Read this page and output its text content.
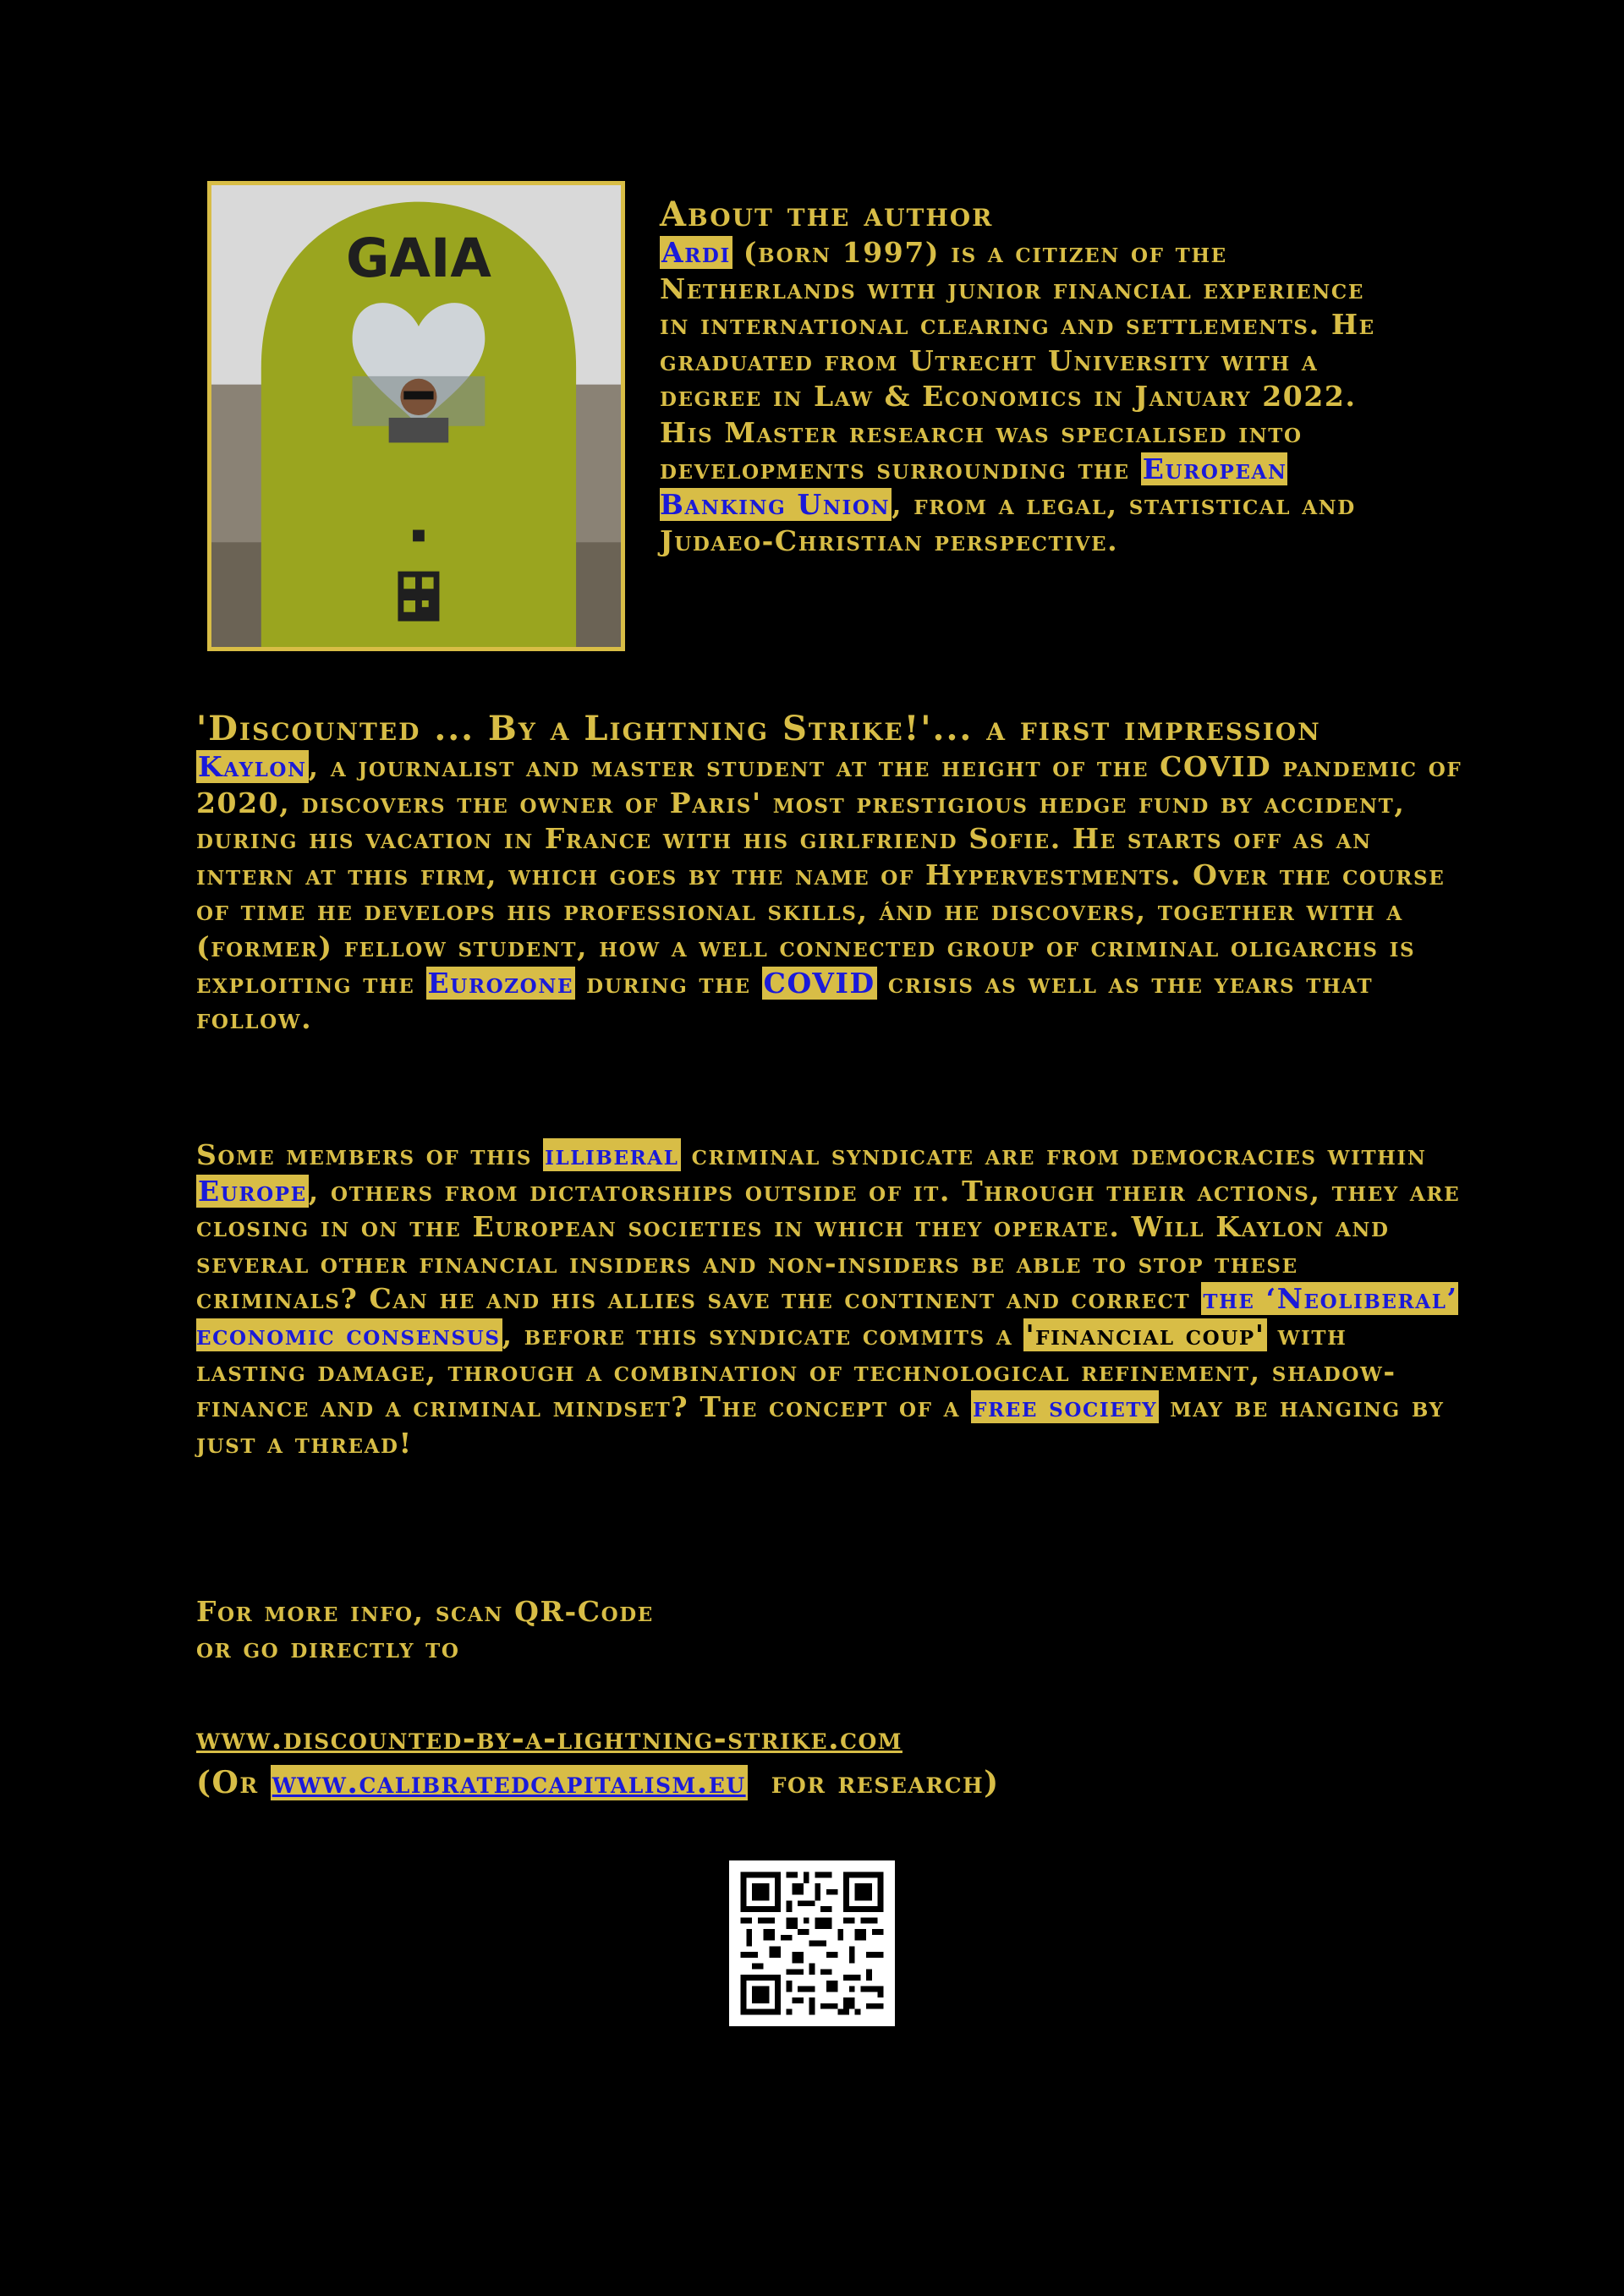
GAIA
About the author

Ardi (born 1997) is a citizen of the Netherlands with junior financial experience in international clearing and settlements. He graduated from Utrecht University with a degree in Law & Economics in January 2022. His Master research was specialised into developments surrounding the European Banking Union, from a legal, statistical and Judaeo-Christian perspective.

'Discounted ... By a Lightning Strike!'... a first impression

Kaylon, a journalist and master student at the height of the COVID pandemic of 2020, discovers the owner of Paris' most prestigious hedge fund by accident, during his vacation in France with his girlfriend Sofie. He starts off as an intern at this firm, which goes by the name of Hypervestments. Over the course of time he develops his professional skills, ánd he discovers, together with a (former) fellow student, how a well connected group of criminal oligarchs is exploiting the Eurozone during the COVID crisis as well as the years that follow.

Some members of this illiberal criminal syndicate are from democracies within Europe, others from dictatorships outside of it. Through their actions, they are closing in on the European societies in which they operate. Will Kaylon and several other financial insiders and non-insiders be able to stop these criminals? Can he and his allies save the continent and correct the ‘Neoliberal’ economic consensus, before this syndicate commits a 'financial coup' with lasting damage, through a combination of technological refinement, shadow-finance and a criminal mindset? The concept of a free society may be hanging by just a thread!

For more info, scan QR-Code

or go directly to

www.discounted-by-a-lightning-strike.com
(Or www.calibratedcapitalism.eu  for research)
